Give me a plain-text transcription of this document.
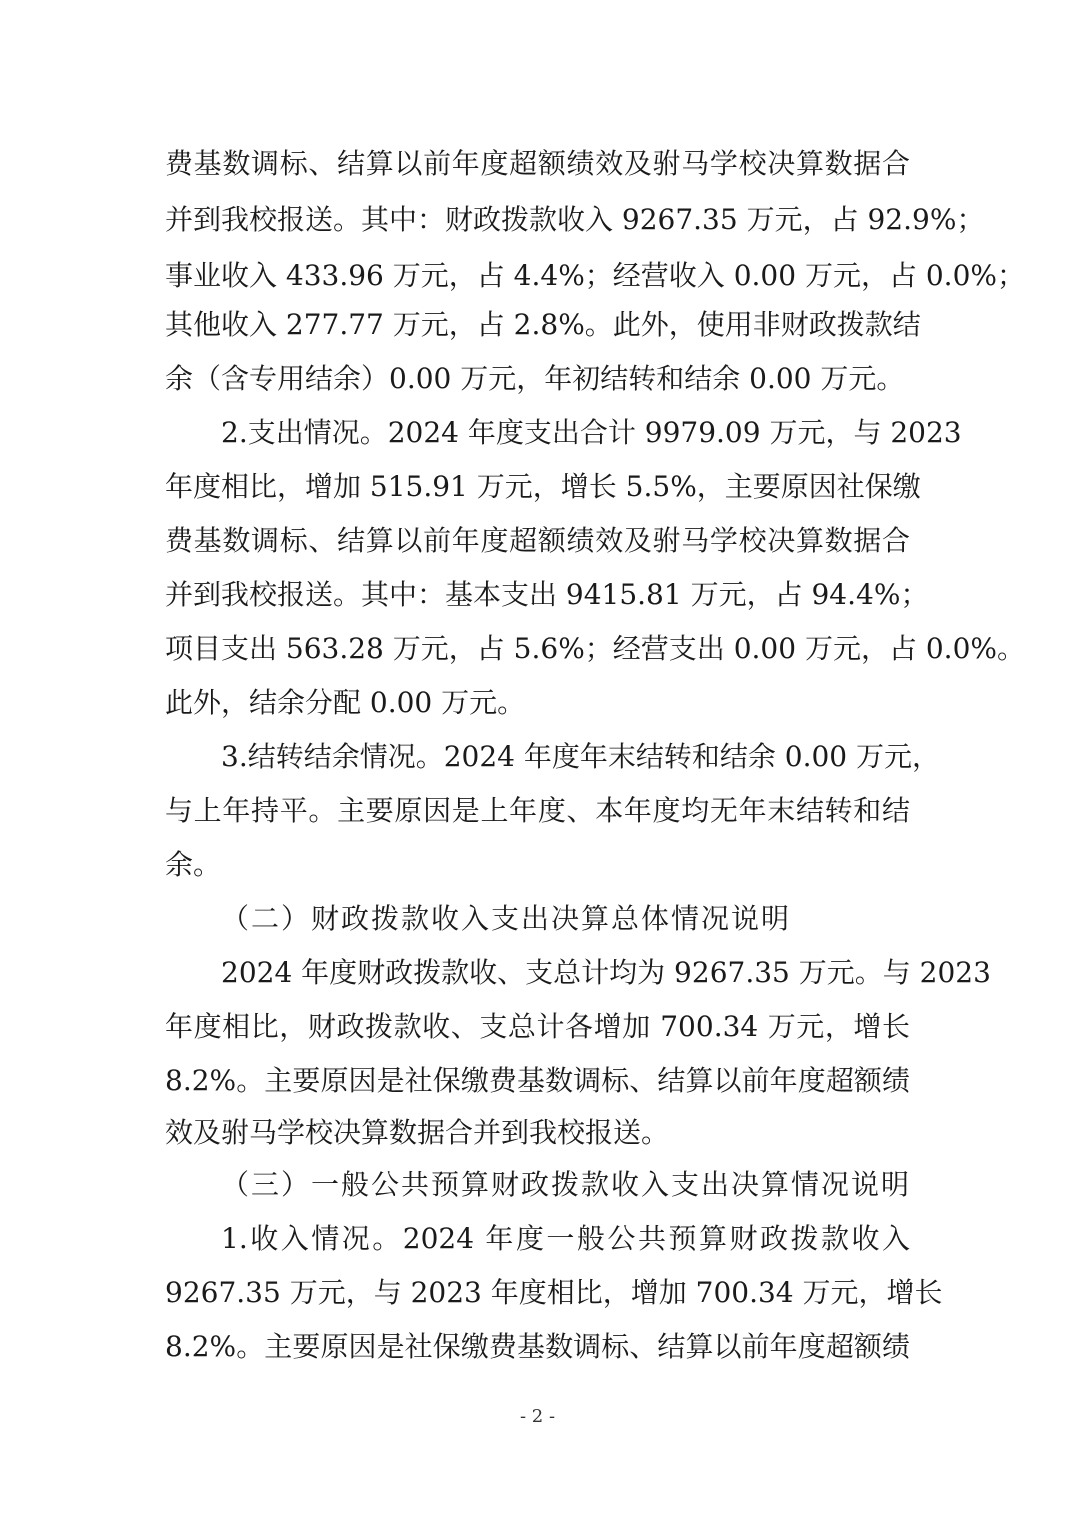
费基数调标、结算以前年度超额绩效及驸马学校决算数据合
并到我校报送。其中：财政拨款收入 9267.35 万元，占 92.9%；
事业收入 433.96 万元，占 4.4%；经营收入 0.00 万元，占 0.0%；
其他收入 277.77 万元，占 2.8%。此外，使用非财政拨款结
余（含专用结余）0.00 万元，年初结转和结余 0.00 万元。
2.支出情况。2024 年度支出合计 9979.09 万元，与 2023
年度相比，增加 515.91 万元，增长 5.5%，主要原因社保缴
费基数调标、结算以前年度超额绩效及驸马学校决算数据合
并到我校报送。其中：基本支出 9415.81 万元，占 94.4%；
项目支出 563.28 万元，占 5.6%；经营支出 0.00 万元，占 0.0%。
此外，结余分配 0.00 万元。
3.结转结余情况。2024 年度年末结转和结余 0.00 万元，
与上年持平。主要原因是上年度、本年度均无年末结转和结
余。
（二）财政拨款收入支出决算总体情况说明
2024 年度财政拨款收、支总计均为 9267.35 万元。与 2023
年度相比，财政拨款收、支总计各增加 700.34 万元，增长
8.2%。主要原因是社保缴费基数调标、结算以前年度超额绩
效及驸马学校决算数据合并到我校报送。
（三）一般公共预算财政拨款收入支出决算情况说明
1.收入情况。2024 年度一般公共预算财政拨款收入
9267.35 万元，与 2023 年度相比，增加 700.34 万元，增长
8.2%。主要原因是社保缴费基数调标、结算以前年度超额绩
- 2 -
